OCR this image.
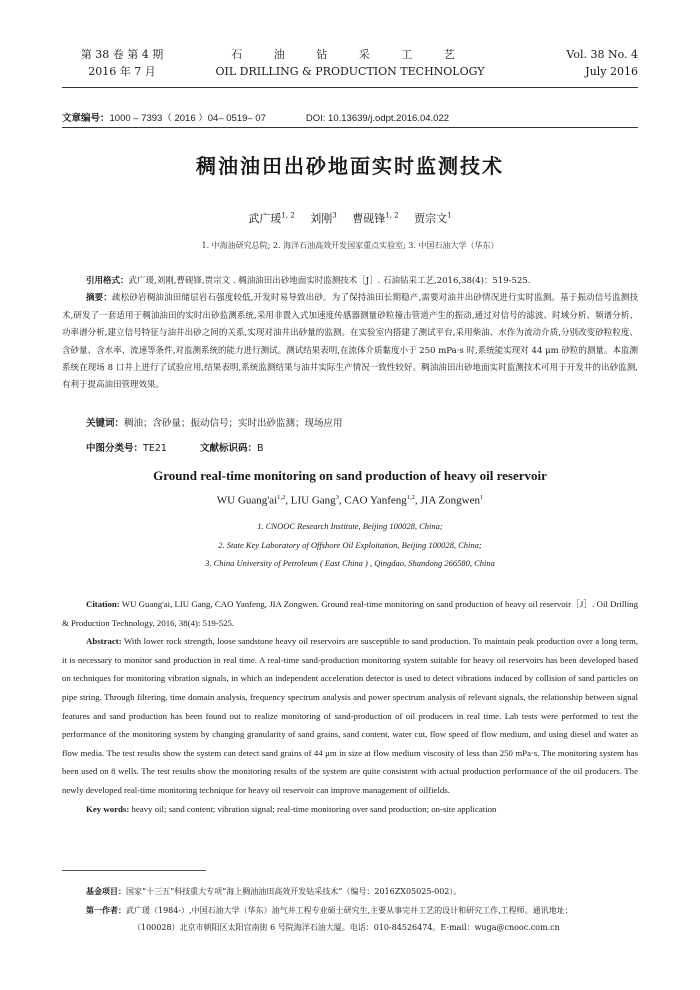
第 38 卷 第 4 期
2016 年 7 月
石 油 钻 采 工 艺
OIL DRILLING & PRODUCTION TECHNOLOGY
Vol. 38 No. 4
July 2016
文章编号：1000 – 7393（ 2016 ）04– 0519– 07	DOI: 10.13639/j.odpt.2016.04.022
稠油油田出砂地面实时监测技术
武广瑗$^{1, 2}$ 刘刚$^3$ 曹砚锋$^{1, 2}$ 贾宗文$^1$
1. 中海油研究总院; 2. 海洋石油高效开发国家重点实验室; 3. 中国石油大学（华东）
引用格式：武广瑗,刘刚,曹砚锋,贾宗文 . 稠油油田出砂地面实时监测技术［J］. 石油钻采工艺,2016,38(4)：519-525.
摘要：疏松砂岩稠油油田储层岩石强度较低,开发时易导致出砂。为了保持油田长期稳产,需要对油井出砂情况进行实时监测。基于振动信号监测技术,研发了一套适用于稠油油田的实时出砂监测系统,采用非置入式加速度传感器测量砂粒撞击管道产生的振动,通过对信号的滤波、时域分析、频谱分析、功率谱分析,建立信号特征与油井出砂之间的关系,实现对油井出砂量的监测。在实验室内搭建了测试平台,采用柴油、水作为流动介质,分别改变砂粒粒度、含砂量、含水率、流速等条件,对监测系统的能力进行测试。测试结果表明,在流体介质黏度小于 250 mPa·s 时,系统能实现对 44 μm 砂粒的测量。本监测系统在现场 8 口井上进行了试验应用,结果表明,系统监测结果与油井实际生产情况一致性较好。稠油油田出砂地面实时监测技术可用于开发井的出砂监测,有利于提高油田管理效果。
关键词：稠油；含砂量；振动信号；实时出砂监测；现场应用
中图分类号：TE21	文献标识码：B
Ground real-time monitoring on sand production of heavy oil reservoir
WU Guang'ai$^{1,2}$, LIU Gang$^3$, CAO Yanfeng$^{1,2}$, JIA Zongwen$^1$
1. CNOOC Research Institute, Beijing 100028, China;
2. State Key Laboratory of Offshore Oil Exploitation, Beijing 100028, China;
3. China University of Petroleum ( East China ) , Qingdao, Shandong 266580, China

Citation: WU Guang'ai, LIU Gang, CAO Yanfeng, JIA Zongwen. Ground real-time monitoring on sand production of heavy oil reservoir［J］. Oil Drilling & Production Technology, 2016, 38(4): 519-525.

Abstract: With lower rock strength, loose sandstone heavy oil reservoirs are susceptible to sand production. To maintain peak production over a long term, it is necessary to monitor sand production in real time. A real-time sand-production monitoring system suitable for heavy oil reservoirs has been developed based on techniques for monitoring vibration signals, in which an independent acceleration detector is used to detect vibrations induced by collision of sand particles on pipe string. Through filtering, time domain analysis, frequency spectrum analysis and power spectrum analysis of relevant signals, the relationship between signal features and sand production has been found out to realize monitoring of sand-production of oil producers in real time. Lab tests were performed to test the performance of the monitoring system by changing granularity of sand grains, sand content, water cut, flow speed of flow medium, and using diesel and water as flow media. The test results show the system can detect sand grains of 44 μm in size at flow medium viscosity of less than 250 mPa·s. The monitoring system has been used on 8 wells. The test results show the monitoring results of the system are quite consistent with actual production performance of the oil producers. The newly developed real-time monitoring technique for heavy oil reservoir can improve management of oilfields.

Key words: heavy oil; sand content; vibration signal; real-time monitoring over sand production; on-site application

基金项目：国家“十三五”科技重大专项“海上稠油油田高效开发钻采技术”（编号：2016ZX05025-002）。
第一作者：武广瑗（1984-）,中国石油大学（华东）油气井工程专业硕士研究生,主要从事完井工艺的设计和研究工作,工程师。通讯地址：
（100028）北京市朝阳区太阳宫南街 6 号院海洋石油大厦。电话：010-84526474。E-mail：wuga@cnooc.com.cn
